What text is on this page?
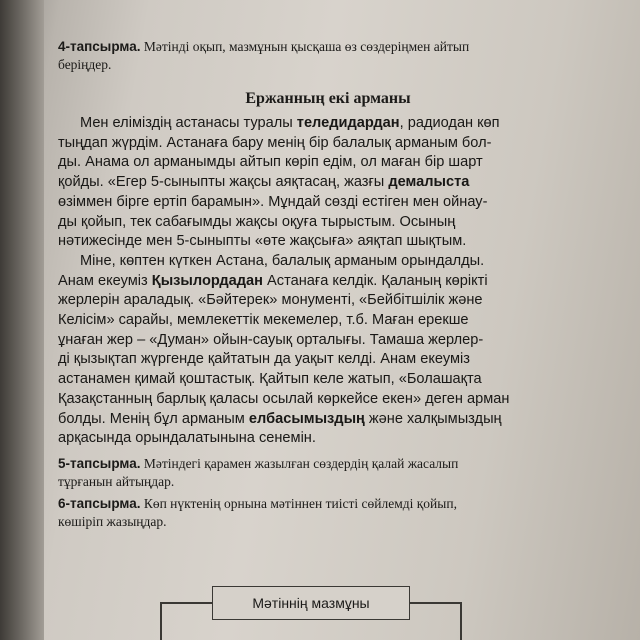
4-тапсырма. Мәтінді оқып, мазмұнын қысқаша өз сөздеріңмен айтып
беріңдер.
Ержанның екі арманы
Мен еліміздің астанасы туралы теледидардан, радиодан көп
тыңдап жүрдім. Астанаға бару менің бір балалық арманым бол-
ды. Анама ол арманымды айтып көріп едім, ол маған бір шарт
қойды. «Егер 5-сыныпты жақсы аяқтасаң, жазғы демалыста
өзіммен бірге ертіп барамын». Мұндай сөзді естіген мен ойнау-
ды қойып, тек сабағымды жақсы оқуға тырыстым. Осының
нәтижесінде мен 5-сыныпты «өте жақсыға» аяқтап шықтым.
Міне, көптен күткен Астана, балалық арманым орындалды.
Анам екеуміз Қызылордадан Астанаға келдік. Қаланың көрікті
жерлерін араладық. «Бәйтерек» монументі, «Бейбітшілік және
Келісім» сарайы, мемлекеттік мекемелер, т.б. Маған ерекше
ұнаған жер – «Думан» ойын-сауық орталығы. Тамаша жерлер-
ді қызықтап жүргенде қайтатын да уақыт келді. Анам екеуміз
астанамен қимай қоштастық. Қайтып келе жатып, «Болашақта
Қазақстанның барлық қаласы осылай көркейсе екен» деген арман
болды. Менің бұл арманым елбасымыздың және халқымыздың
арқасында орындалатынына сенемін.
5-тапсырма. Мәтіндегі қарамен жазылған сөздердің қалай жасалып
тұрғанын айтыңдар.
6-тапсырма. Көп нүктенің орнына мәтіннен тиісті сөйлемді қойып,
көшіріп жазыңдар.
Мәтіннің мазмұны
